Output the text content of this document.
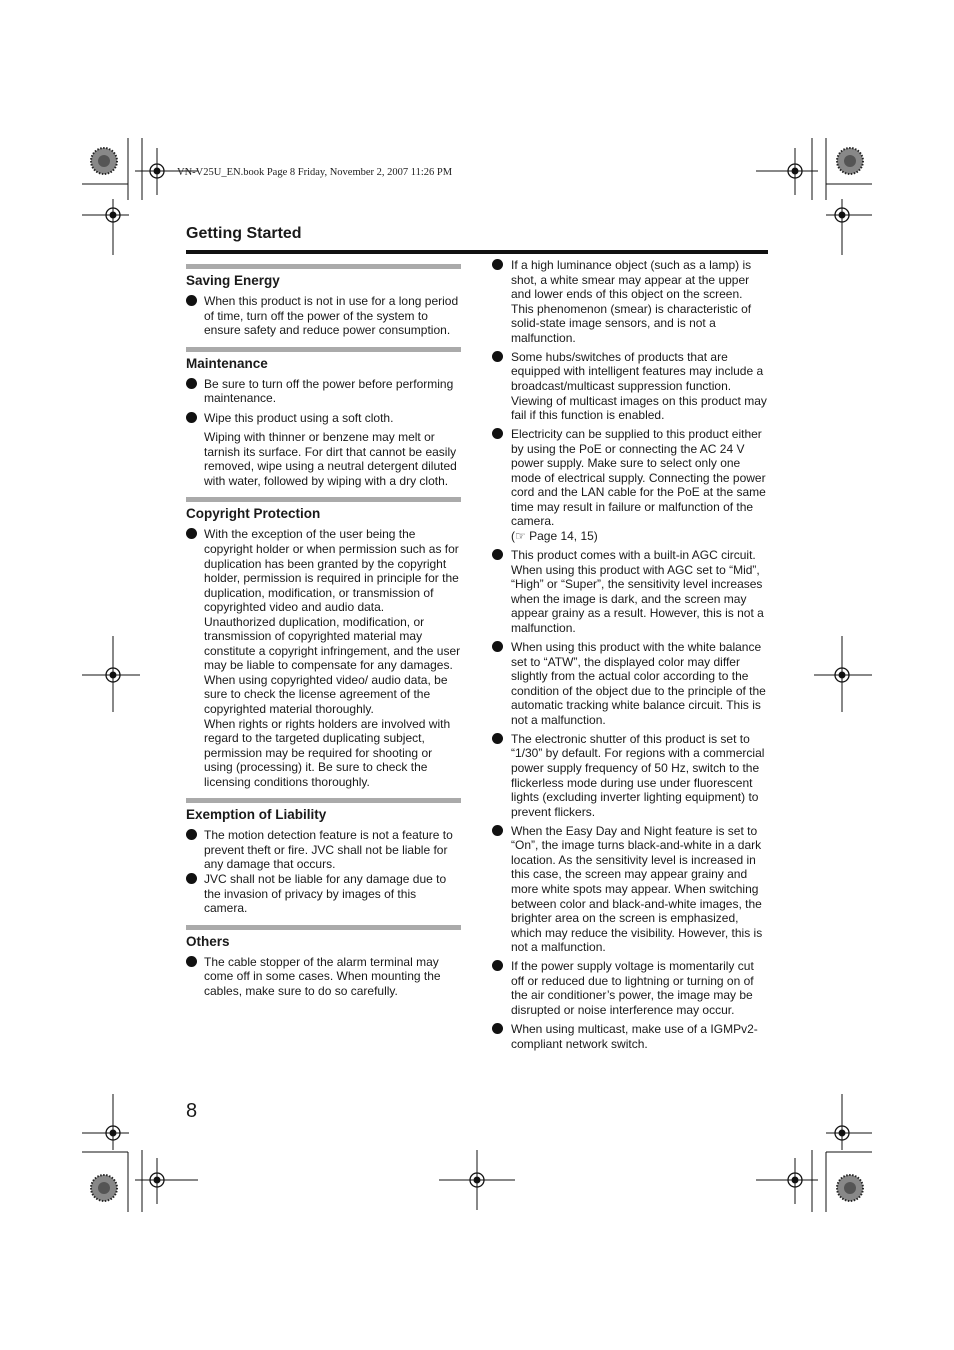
VN-V25U_EN.book Page 8 Friday, November 2, 2007 11:26 PM
Getting Started
Saving Energy
When this product is not in use for a long period of time, turn off the power of the system to ensure safety and reduce power consumption.
Maintenance
Be sure to turn off the power before performing maintenance.
Wipe this product using a soft cloth.
Wiping with thinner or benzene may melt or tarnish its surface. For dirt that cannot be easily removed, wipe using a neutral detergent diluted with water, followed by wiping with a dry cloth.
Copyright Protection
With the exception of the user being the copyright holder or when permission such as for duplication has been granted by the copyright holder, permission is required in principle for the duplication, modification, or transmission of copyrighted video and audio data.
Unauthorized duplication, modification, or transmission of copyrighted material may constitute a copyright infringement, and the user may be liable to compensate for any damages. When using copyrighted video/ audio data, be sure to check the license agreement of the copyrighted material thoroughly.
When rights or rights holders are involved with regard to the targeted duplicating subject, permission may be required for shooting or using (processing) it. Be sure to check the licensing conditions thoroughly.
Exemption of Liability
The motion detection feature is not a feature to prevent theft or fire. JVC shall not be liable for any damage that occurs.
JVC shall not be liable for any damage due to the invasion of privacy by images of this camera.
Others
The cable stopper of the alarm terminal may come off in some cases. When mounting the cables, make sure to do so carefully.
If a high luminance object (such as a lamp) is shot, a white smear may appear at the upper and lower ends of this object on the screen. This phenomenon (smear) is characteristic of solid-state image sensors, and is not a malfunction.
Some hubs/switches of products that are equipped with intelligent features may include a broadcast/multicast suppression function. Viewing of multicast images on this product may fail if this function is enabled.
Electricity can be supplied to this product either by using the PoE or connecting the AC 24 V power supply. Make sure to select only one mode of electrical supply. Connecting the power cord and the LAN cable for the PoE at the same time may result in failure or malfunction of the camera.
(☞ Page 14, 15)
This product comes with a built-in AGC circuit. When using this product with AGC set to “Mid”, “High” or “Super”, the sensitivity level increases when the image is dark, and the screen may appear grainy as a result. However, this is not a malfunction.
When using this product with the white balance set to “ATW”, the displayed color may differ slightly from the actual color according to the condition of the object due to the principle of the automatic tracking white balance circuit. This is not a malfunction.
The electronic shutter of this product is set to “1/30” by default. For regions with a commercial power supply frequency of 50 Hz, switch to the flickerless mode during use under fluorescent lights (excluding inverter lighting equipment) to prevent flickers.
When the Easy Day and Night feature is set to “On”, the image turns black-and-white in a dark location. As the sensitivity level is increased in this case, the screen may appear grainy and more white spots may appear. When switching between color and black-and-white images, the brighter area on the screen is emphasized, which may reduce the visibility. However, this is not a malfunction.
If the power supply voltage is momentarily cut off or reduced due to lightning or turning on of the air conditioner’s power, the image may be disrupted or noise interference may occur.
When using multicast, make use of a IGMPv2-compliant network switch.
8
